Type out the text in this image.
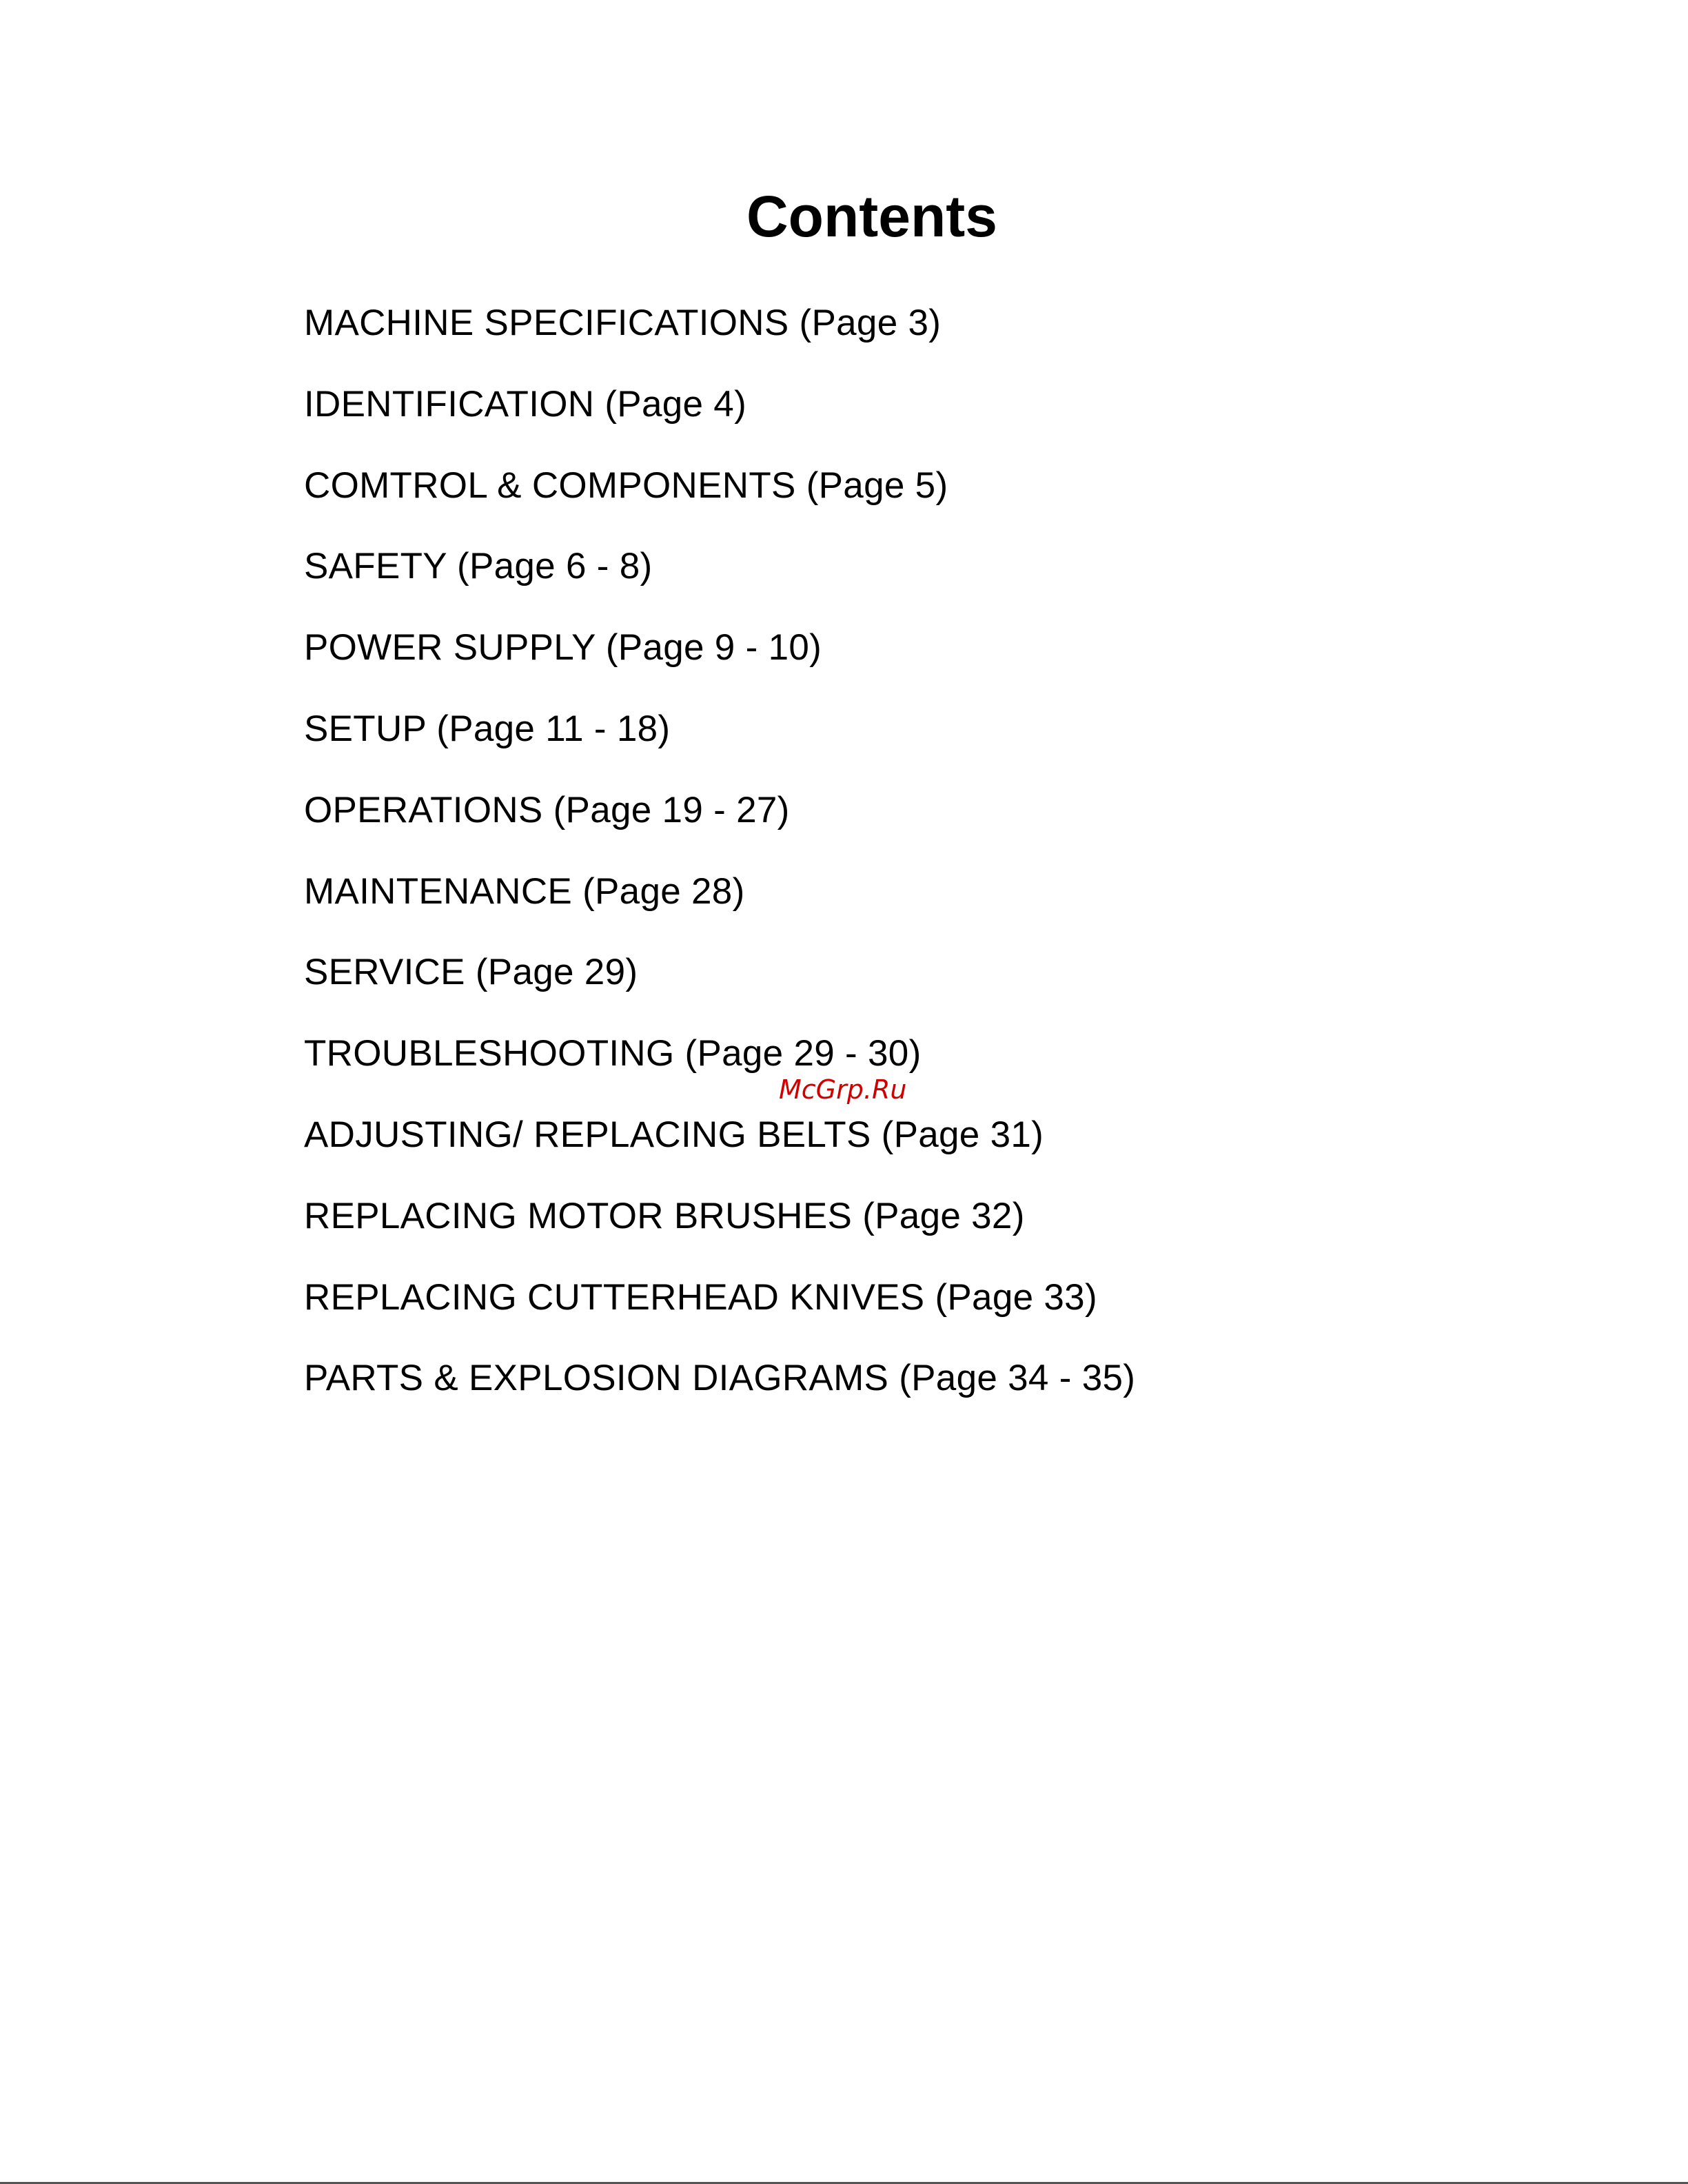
Contents
MACHINE SPECIFICATIONS (Page 3)
IDENTIFICATION (Page 4)
COMTROL & COMPONENTS (Page 5)
SAFETY (Page 6 - 8)
POWER SUPPLY (Page 9 - 10)
SETUP (Page 11 - 18)
OPERATIONS (Page 19 - 27)
MAINTENANCE (Page 28)
SERVICE (Page 29)
TROUBLESHOOTING (Page 29 - 30)
ADJUSTING/ REPLACING BELTS (Page 31)
REPLACING MOTOR BRUSHES (Page 32)
REPLACING CUTTERHEAD KNIVES (Page 33)
PARTS & EXPLOSION DIAGRAMS (Page 34 - 35)
McGrp.Ru
